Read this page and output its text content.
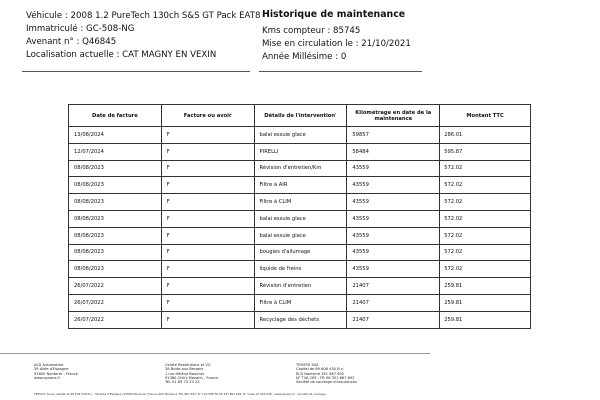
Véhicule : 2008 1.2 PureTech 130ch S&S GT Pack EAT8
Immatriculé : GC-508-NG
Avenant n° : Q46845
Localisation actuelle : CAT MAGNY EN VEXIN
Historique de maintenance
Kms compteur : 85745
Mise en circulation le : 21/10/2021
Année Millésime : 0
Date de facture	Facture ou avoir	Détails de l'intervention'	Kilométrage en date de la maintenance	Montant TTC
13/08/2024	F	balai essuie glace	59857	286.01
12/07/2024	F	PIRELLI	58484	595.87
08/08/2023	F	Révision d'entretien/Km	43559	572.02
08/08/2023	F	Filtre à AIR	43559	572.02
08/08/2023	F	Filtre à CLIM	43559	572.02
08/08/2023	F	balai essuie glace	43559	572.02
08/08/2023	F	balai essuie glace	43559	572.02
08/08/2023	F	bougies d'allumage	43559	572.02
08/08/2023	F	liquide de freins	43559	572.02
26/07/2022	F	Révision d'entretien	21407	259.81
26/07/2022	F	Filtre à CLIM	21407	259.81
26/07/2022	F	Recyclage des déchets	21407	259.81
ALD Automotive
39 Allée d'Espagne
91800 Nanterre - France
www.aysens.fr
Centre Restitutions et VO
28 Butte aux Bergers
1 rue Hélène Boucher
91380 Chilly Mazarin - France
Tél. 01 69 74 23 23
TEMSYS SAS
Capital de 89 606 430 Eur
RCS Nanterre 351 867 692
N° TVA CEE : FR 06 351 867 692
Société de courtage d'assurances
TEMSYS, SA au capital de 89 606 430 Eur - 39 Allée d'Espagne, 91800 Nanterre, France. RCS Nanterre 351 867 692, N° TVA CEE FR 06 351 867 692, N° Orias 07 004 038 - www.aysens.fr - Société de courtage
